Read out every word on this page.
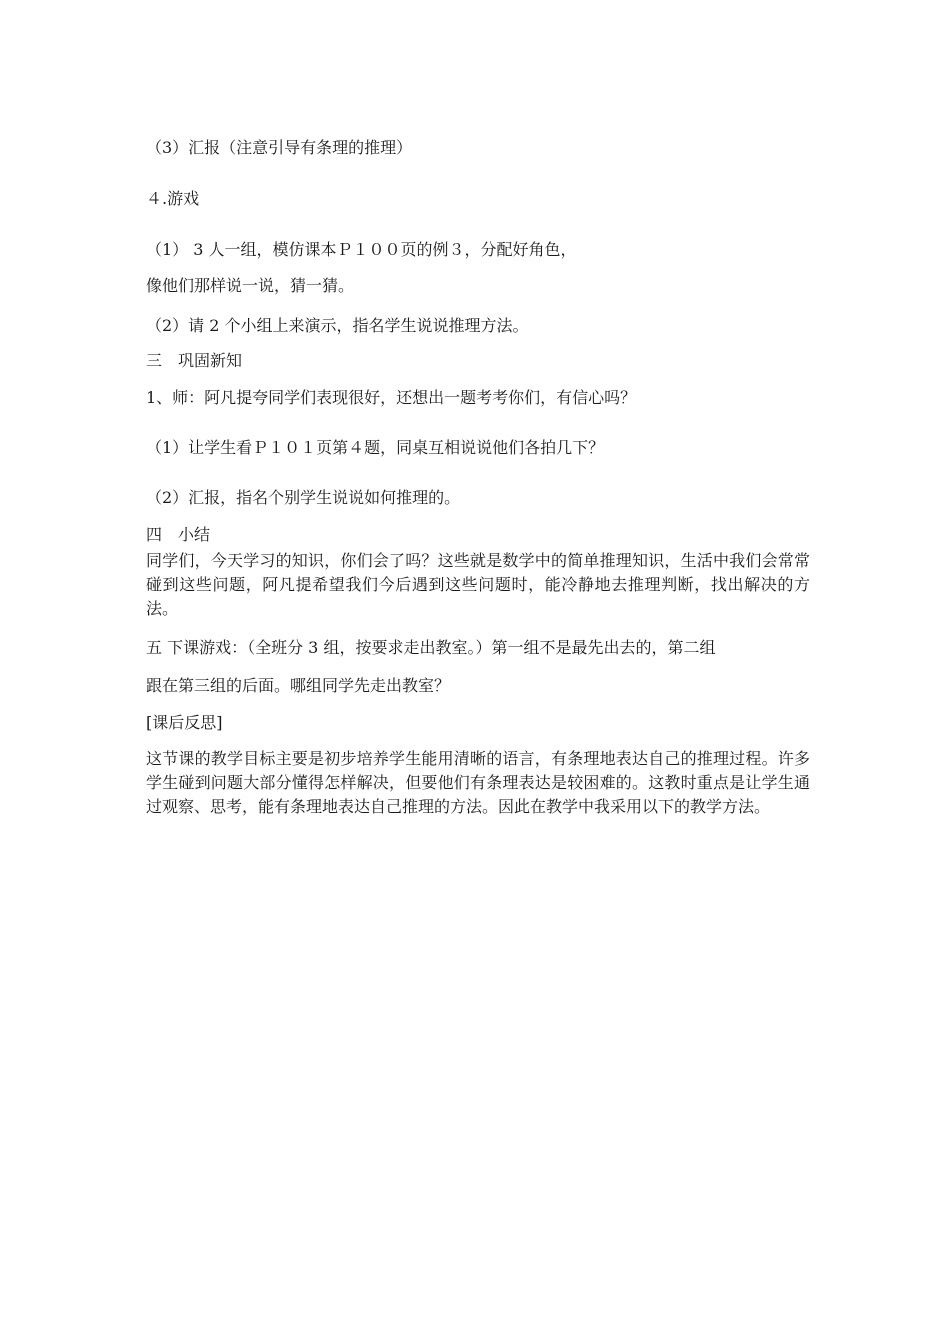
（3）汇报（注意引导有条理的推理）
４.游戏
（1） 3 人一组，模仿课本Ｐ１００页的例３，分配好角色，
像他们那样说一说，猜一猜。
（2）请 2 个小组上来演示，指名学生说说推理方法。
三　巩固新知
1、师：阿凡提夸同学们表现很好，还想出一题考考你们，有信心吗？
（1）让学生看Ｐ１０１页第４题，同桌互相说说他们各拍几下？
（2）汇报，指名个别学生说说如何推理的。
四　小结
同学们，今天学习的知识，你们会了吗？这些就是数学中的简单推理知识，生活中我们会常常碰到这些问题，阿凡提希望我们今后遇到这些问题时，能冷静地去推理判断，找出解决的方法。
五 下课游戏：（全班分 3 组，按要求走出教室。）第一组不是最先出去的，第二组
跟在第三组的后面。哪组同学先走出教室？
[课后反思]
这节课的教学目标主要是初步培养学生能用清晰的语言，有条理地表达自己的推理过程。许多学生碰到问题大部分懂得怎样解决，但要他们有条理表达是较困难的。这教时重点是让学生通过观察、思考，能有条理地表达自己推理的方法。因此在教学中我采用以下的教学方法。
